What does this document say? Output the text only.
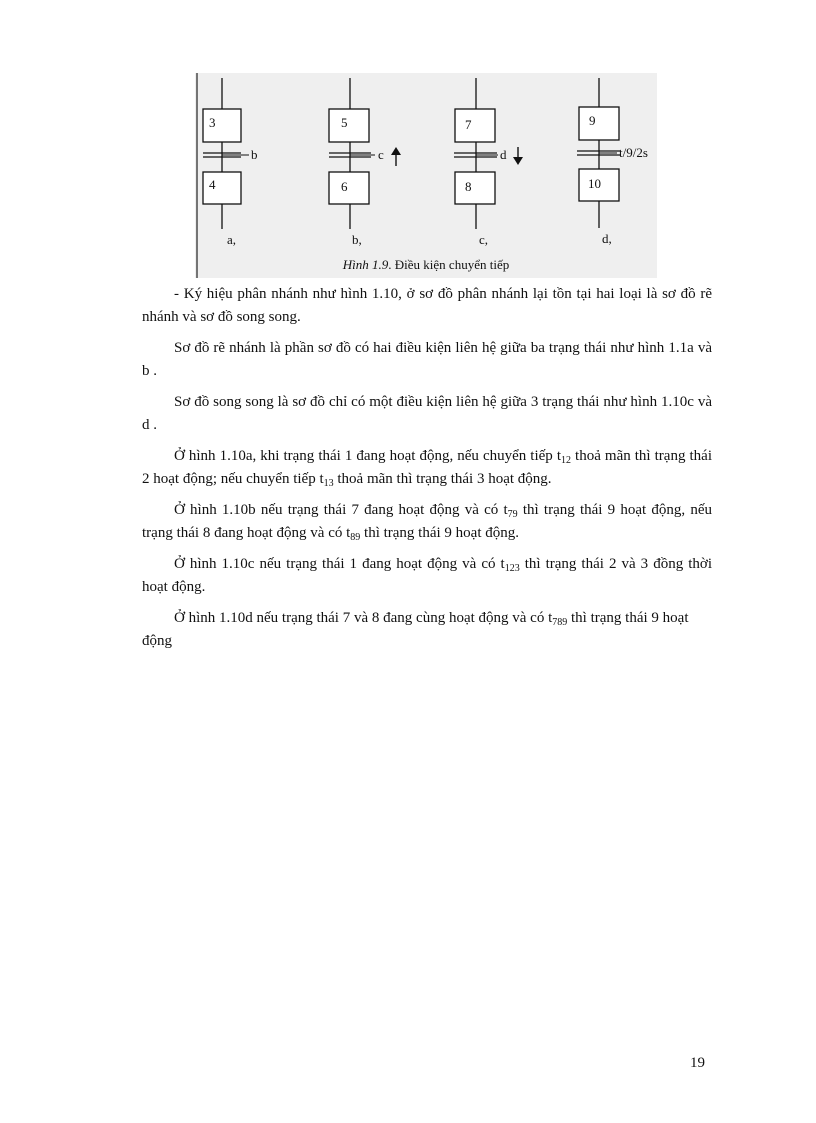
3
b
4
a,
5
c
6
b,
7
d
8
c,
9
t/9/2s
10
d,
Hình 1.9. Điều kiện chuyển tiếp

- Ký hiệu phân nhánh như hình 1.10, ở sơ đồ phân nhánh lại tồn tại hai loại là sơ đồ rẽ nhánh và sơ đồ song song.

Sơ đồ rẽ nhánh là phần sơ đồ có hai điều kiện liên hệ giữa ba trạng thái như hình 1.1a và b .

Sơ đồ song song là sơ đồ chỉ có một điều kiện liên hệ giữa 3 trạng thái như hình 1.10c và d .

Ở hình 1.10a, khi trạng thái 1 đang hoạt động, nếu chuyển tiếp $t_{12}$ thoả mãn thì trạng thái 2 hoạt động; nếu chuyển tiếp $t_{13}$ thoả mãn thì trạng thái 3 hoạt động.

Ở hình 1.10b nếu trạng thái 7 đang hoạt động và có $t_{79}$ thì trạng thái 9 hoạt động, nếu trạng thái 8 đang hoạt động và có $t_{89}$ thì trạng thái 9 hoạt động.

Ở hình 1.10c nếu trạng thái 1 đang hoạt động và có $t_{123}$ thì trạng thái 2 và 3 đồng thời hoạt động.

Ở hình 1.10d nếu trạng thái 7 và 8 đang cùng hoạt động và có $t_{789}$ thì trạng thái 9 hoạt động

19
